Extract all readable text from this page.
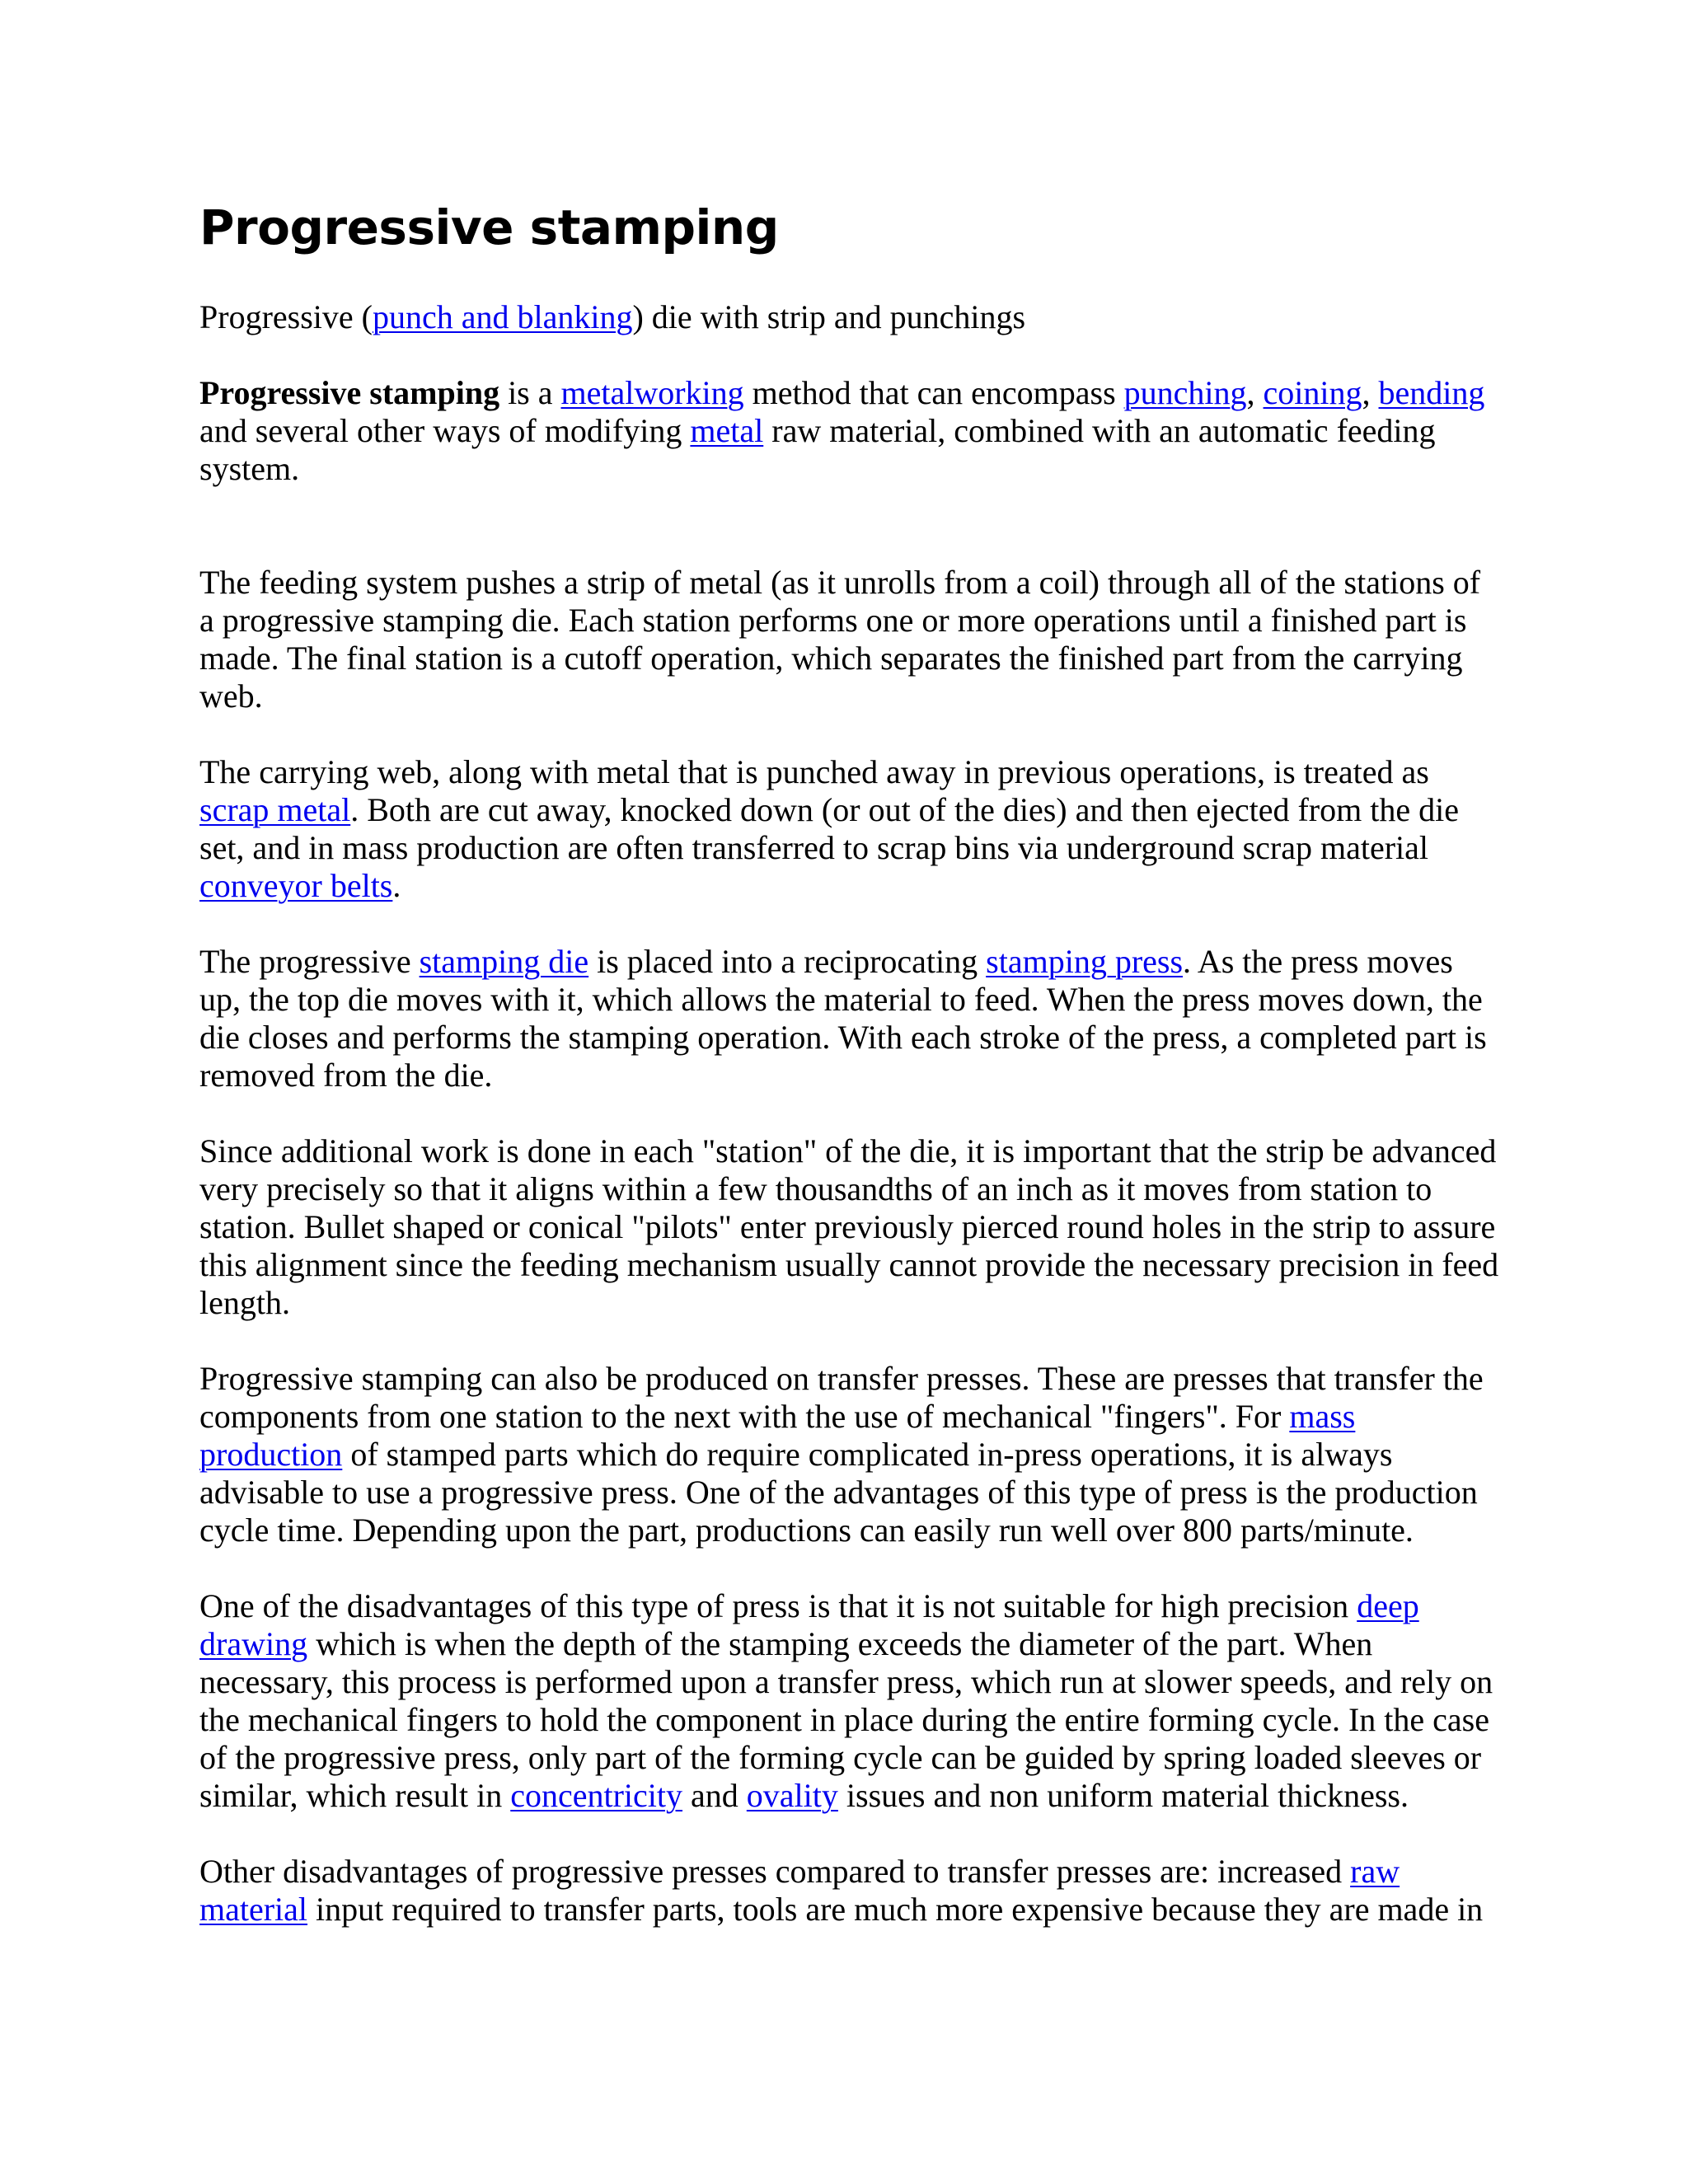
Progressive stamping

Progressive (punch and blanking) die with strip and punchings

Progressive stamping is a metalworking method that can encompass punching, coining, bending and several other ways of modifying metal raw material, combined with an automatic feeding system.

The feeding system pushes a strip of metal (as it unrolls from a coil) through all of the stations of a progressive stamping die. Each station performs one or more operations until a finished part is made. The final station is a cutoff operation, which separates the finished part from the carrying web.

The carrying web, along with metal that is punched away in previous operations, is treated as scrap metal. Both are cut away, knocked down (or out of the dies) and then ejected from the die set, and in mass production are often transferred to scrap bins via underground scrap material conveyor belts.

The progressive stamping die is placed into a reciprocating stamping press. As the press moves up, the top die moves with it, which allows the material to feed. When the press moves down, the die closes and performs the stamping operation. With each stroke of the press, a completed part is removed from the die.

Since additional work is done in each "station" of the die, it is important that the strip be advanced very precisely so that it aligns within a few thousandths of an inch as it moves from station to station. Bullet shaped or conical "pilots" enter previously pierced round holes in the strip to assure this alignment since the feeding mechanism usually cannot provide the necessary precision in feed length.

Progressive stamping can also be produced on transfer presses. These are presses that transfer the components from one station to the next with the use of mechanical "fingers". For mass production of stamped parts which do require complicated in-press operations, it is always advisable to use a progressive press. One of the advantages of this type of press is the production cycle time. Depending upon the part, productions can easily run well over 800 parts/minute.

One of the disadvantages of this type of press is that it is not suitable for high precision deep drawing which is when the depth of the stamping exceeds the diameter of the part. When necessary, this process is performed upon a transfer press, which run at slower speeds, and rely on the mechanical fingers to hold the component in place during the entire forming cycle. In the case of the progressive press, only part of the forming cycle can be guided by spring loaded sleeves or similar, which result in concentricity and ovality issues and non uniform material thickness.

Other disadvantages of progressive presses compared to transfer presses are: increased raw material input required to transfer parts, tools are much more expensive because they are made in
